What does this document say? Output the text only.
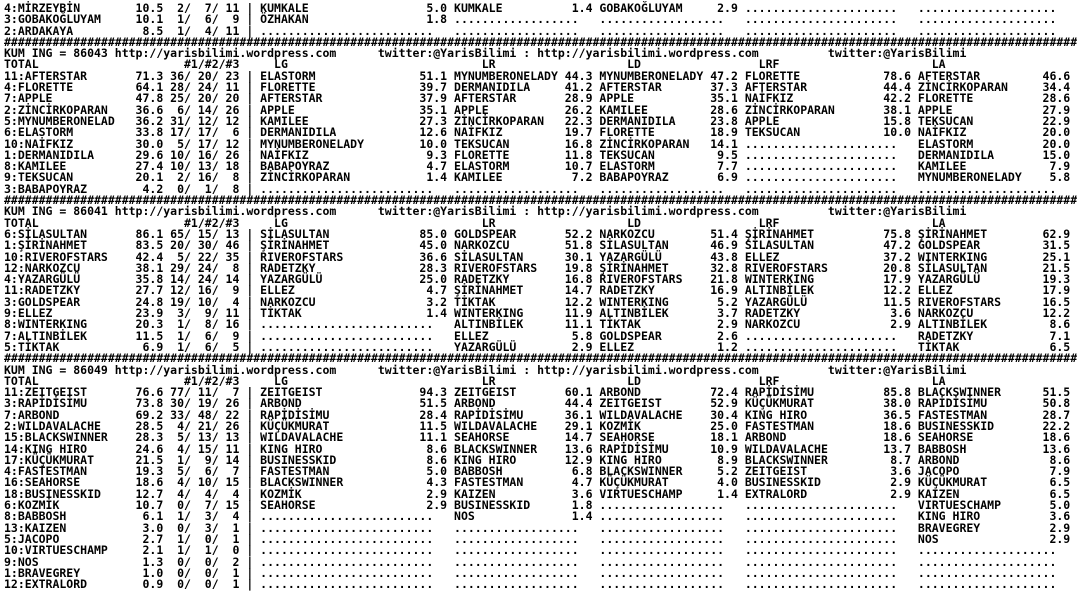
4:MİRZEYBİN        10.5  2/  7/ 11 | KUMKALE                 5.0 KUMKALE          1.4 GOBAKOĞLUYAM     2.9 ......................   ....................
3:GOBAKOĞLUYAM     10.1  1/  6/  9 | ÖZHAKAN                 1.8 ..................   ..................   ......................   ....................
2:ARDAKAYA          8.5  1/  4/ 11 | .........................   ..................   ..................   ......................   ....................
###########################################################################################################################################################
KUM ING = 86043 http://yarisbilimi.wordpress.com      twitter:@YarisBilimi : http://yarisbilimi.wordpress.com          twitter:@YarisBilimi
TOTAL                     #1/#2/#3     LG                            LR                   LD                 LRF                      LA
11:AFTERSTAR       71.3 36/ 20/ 23 | ELASTORM               51.1 MYNUMBERONELADY 44.3 MYNUMBERONELADY 47.2 FLORETTE            78.6 AFTERSTAR         46.6
4:FLORETTE         64.1 28/ 24/ 11 | FLORETTE               39.7 DERMANIDILA     41.2 AFTERSTAR       37.3 AFTERSTAR           44.4 ZİNCİRKOPARAN     34.4
7:APPLE            47.8 25/ 20/ 20 | AFTERSTAR              37.9 AFTERSTAR       28.9 APPLE           35.1 NAİFKIZ             42.2 FLORETTE          28.6
2:ZİNCİRKOPARAN    36.6  6/ 14/ 26 | APPLE                  35.1 APPLE           26.2 KAMILEE         28.6 ZİNCİRKOPARAN       38.1 APPLE             27.9
5:MYNUMBERONELAD   36.2 31/ 12/ 12 | KAMILEE                27.3 ZİNCİRKOPARAN   22.3 DERMANIDILA     23.8 APPLE               15.8 TEKSUCAN          22.9
6:ELASTORM         33.8 17/ 17/  6 | DERMANIDILA            12.6 NAİFKIZ         19.7 FLORETTE        18.9 TEKSUCAN            10.0 NAİFKIZ           20.0
10:NAİFKIZ         30.0  5/ 17/ 12 | MYNUMBERONELADY        10.0 TEKSUCAN        16.8 ZİNCİRKOPARAN   14.1 ......................   ELASTORM          20.0
1:DERMANIDILA      29.6 10/ 16/ 26 | NAİFKIZ                 9.3 FLORETTE        11.8 TEKSUCAN         9.5 ......................   DERMANIDILA       15.0
8:KAMILEE          27.4 10/ 13/ 18 | BABAPOYRAZ              4.7 ELASTORM        10.7 ELASTORM         7.7 ......................   KAMILEE            7.9
9:TEKSUCAN         20.1  2/ 16/  8 | ZİNCİRKOPARAN           1.4 KAMILEE          7.2 BABAPOYRAZ       6.9 ......................   MYNUMBERONELADY    5.8
3:BABAPOYRAZ        4.2  0/  1/  8 | .........................   ..................   ..................   ......................   ....................
###########################################################################################################################################################
KUM ING = 86041 http://yarisbilimi.wordpress.com      twitter:@YarisBilimi : http://yarisbilimi.wordpress.com          twitter:@YarisBilimi
TOTAL                     #1/#2/#3     LG                            LR                   LD                 LRF                      LA
6:SİLASULTAN       86.1 65/ 15/ 13 | SİLASULTAN             85.0 GOLDSPEAR       52.2 NARKOZCU        51.4 ŞİRİNAHMET          75.8 ŞİRİNAHMET        62.9
1:ŞİRİNAHMET       83.5 20/ 30/ 46 | ŞİRİNAHMET             45.0 NARKOZCU        51.8 SİLASULTAN      46.9 SİLASULTAN          47.2 GOLDSPEAR         31.5
10:RIVEROFSTARS    42.4  5/ 22/ 35 | RIVEROFSTARS           36.6 SİLASULTAN      30.1 YAZARGÜLÜ       43.8 ELLEZ               37.2 WINTERKING        25.1
12:NARKOZCU        38.1 29/ 24/  8 | RADETZKY               28.3 RIVEROFSTARS    19.8 ŞİRİNAHMET      32.8 RIVEROFSTARS        20.8 SİLASULTAN        21.5
4:YAZARGÜLÜ        35.8 14/ 24/ 14 | YAZARGÜLÜ              25.0 RADETZKY        16.8 RIVEROFSTARS    21.8 WINTERKING          17.9 YAZARGÜLÜ         19.3
11:RADETZKY        27.7 12/ 16/  9 | ELLEZ                   4.7 ŞİRİNAHMET      14.7 RADETZKY        16.9 ALTINBİLEK          12.2 ELLEZ             17.9
3:GOLDSPEAR        24.8 19/ 10/  4 | NARKOZCU                3.2 TİKTAK          12.2 WINTERKING       5.2 YAZARGÜLÜ           11.5 RIVEROFSTARS      16.5
9:ELLEZ            23.9  3/  9/ 11 | TİKTAK                  1.4 WINTERKING      11.9 ALTINBİLEK       3.7 RADETZKY             3.6 NARKOZCU          12.2
8:WINTERKING       20.3  1/  8/ 16 | .........................   ALTINBİLEK      11.1 TİKTAK           2.9 NARKOZCU             2.9 ALTINBİLEK         8.6
7:ALTINBİLEK       11.5  1/  6/  9 | .........................   ELLEZ            5.8 GOLDSPEAR        2.6 ......................   RADETZKY           7.1
5:TİKTAK            6.9  1/  6/  5 | .........................   YAZARGÜLÜ        2.9 ELLEZ            1.2 ......................   TİKTAK             6.5
###########################################################################################################################################################
KUM ING = 86049 http://yarisbilimi.wordpress.com      twitter:@YarisBilimi : http://yarisbilimi.wordpress.com          twitter:@YarisBilimi
TOTAL                     #1/#2/#3     LG                            LR                   LD                 LRF                      LA
11:ZEITGEIST       76.6 77/ 11/  7 | ZEITGEIST              94.3 ZEITGEIST       60.1 ARBOND          72.4 RAPİDİSİMU          85.8 BLACKSWINNER      51.5
3:RAPİDİSİMU       73.8 30/ 19/ 26 | ARBOND                 51.5 ARBOND          44.4 ZEITGEIST       52.9 KÜÇÜKMURAT          38.0 RAPİDİSİMU        50.8
7:ARBOND           69.2 33/ 48/ 22 | RAPİDİSİMU             28.4 RAPİDİSİMU      36.1 WILDAVALACHE    30.4 KING HIRO           36.5 FASTESTMAN        28.7
2:WILDAVALACHE     28.5  4/ 21/ 26 | KÜÇÜKMURAT             11.5 WILDAVALACHE    29.1 KOZMİK          25.0 FASTESTMAN          18.6 BUSINESSKID       22.2
15:BLACKSWINNER    28.3  5/ 13/ 13 | WILDAVALACHE           11.1 SEAHORSE        14.7 SEAHORSE        18.1 ARBOND              18.6 SEAHORSE          18.6
14:KING HIRO       24.6  4/ 15/ 11 | KING HIRO               8.6 BLACKSWINNER    13.6 RAPİDİSİMU      10.9 WILDAVALACHE        13.7 BABBOSH           13.6
17:KÜÇÜKMURAT      21.5  1/  9/ 14 | BUSINESSKID             8.6 KING HIRO       12.9 KING HIRO        8.9 BLACKSWINNER         8.7 ARBOND             8.6
4:FASTESTMAN       19.3  5/  6/  7 | FASTESTMAN              5.0 BABBOSH          6.8 BLACKSWINNER     5.2 ZEITGEIST            3.6 JACOPO             7.9
16:SEAHORSE        18.6  4/ 10/ 15 | BLACKSWINNER            4.3 FASTESTMAN       4.7 KÜÇÜKMURAT       4.0 BUSINESSKID          2.9 KÜÇÜKMURAT         6.5
18:BUSINESSKID     12.7  4/  4/  4 | KOZMİK                  2.9 KAIZEN           3.6 VIRTUESCHAMP     1.4 EXTRALORD            2.9 KAIZEN             6.5
6:KOZMİK           10.7  0/  7/ 15 | SEAHORSE                2.9 BUSINESSKID      1.8 ..................   ......................   VIRTUESCHAMP       5.0
8:BABBOSH           6.1  1/  3/  4 | .........................   NOS              1.4 ..................   ......................   KING HIRO          3.6
13:KAIZEN           3.0  0/  3/  1 | .........................   ..................   ..................   ......................   BRAVEGREY          2.9
5:JACOPO            2.7  1/  0/  1 | .........................   ..................   ..................   ......................   NOS                2.9
10:VIRTUESCHAMP     2.1  1/  1/  0 | .........................   ..................   ..................   ......................   ....................
9:NOS               1.3  0/  0/  2 | .........................   ..................   ..................   ......................   ....................
1:BRAVEGREY         1.0  0/  0/  1 | .........................   ..................   ..................   ......................   ....................
12:EXTRALORD        0.9  0/  0/  1 | .........................   ..................   ..................   ......................   ....................
